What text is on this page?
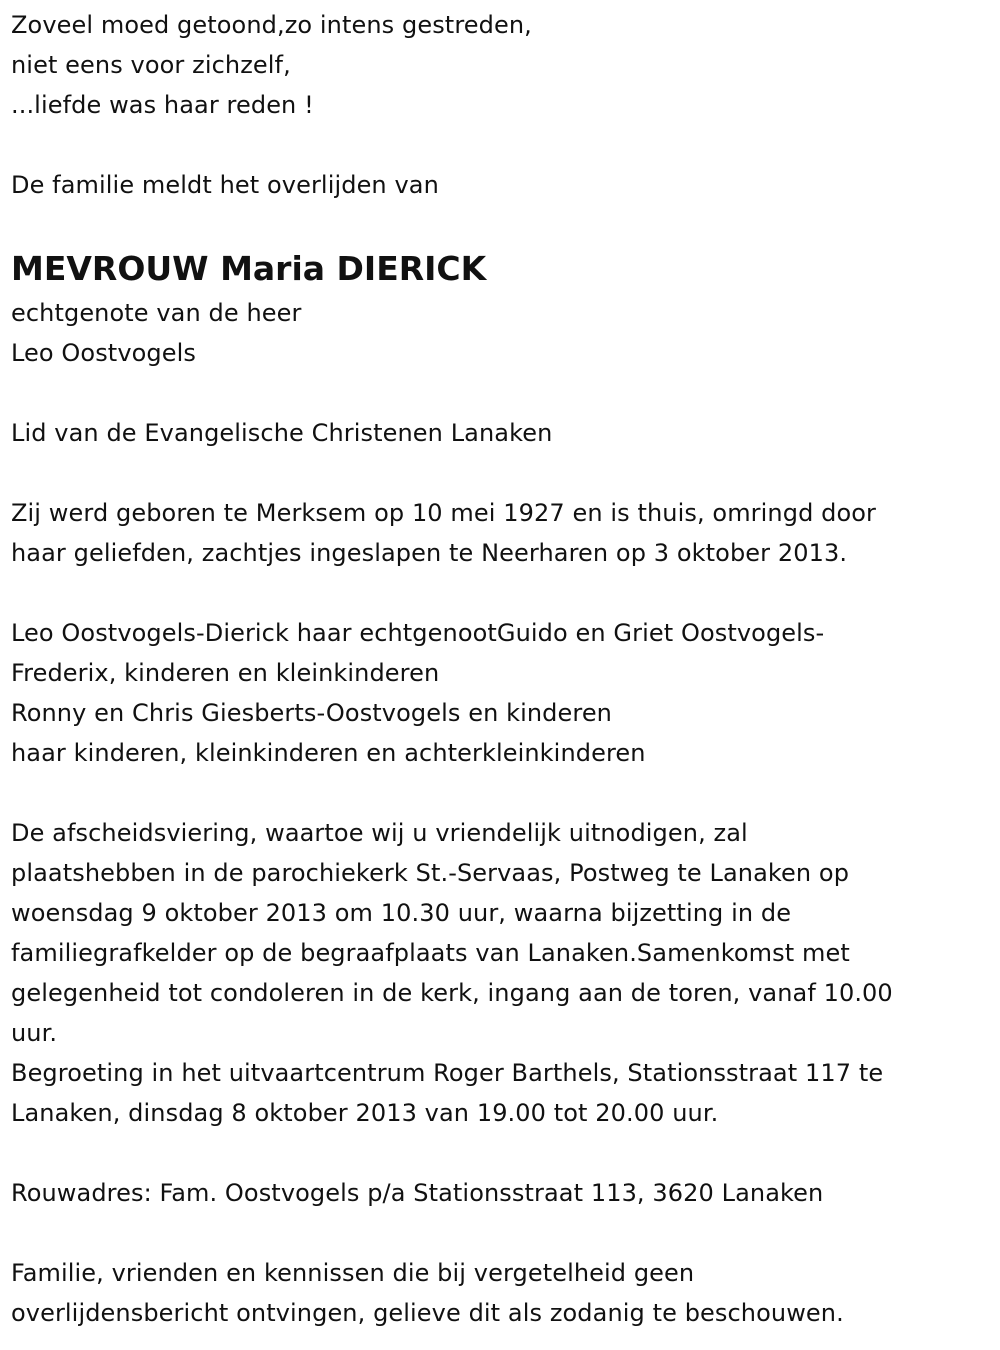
Zoveel moed getoond,zo intens gestreden,
niet eens voor zichzelf,
...liefde was haar reden !
De familie meldt het overlijden van
MEVROUW Maria DIERICK
echtgenote van de heer
Leo Oostvogels
Lid van de Evangelische Christenen Lanaken
Zij werd geboren te Merksem op 10 mei 1927 en is thuis, omringd door
haar geliefden, zachtjes ingeslapen te Neerharen op 3 oktober 2013.
Leo Oostvogels-Dierick haar echtgenootGuido en Griet Oostvogels-
Frederix, kinderen en kleinkinderen
Ronny en Chris Giesberts-Oostvogels en kinderen
haar kinderen, kleinkinderen en achterkleinkinderen
De afscheidsviering, waartoe wij u vriendelijk uitnodigen, zal
plaatshebben in de parochiekerk St.-Servaas, Postweg te Lanaken op
woensdag 9 oktober 2013 om 10.30 uur, waarna bijzetting in de
familiegrafkelder op de begraafplaats van Lanaken.Samenkomst met
gelegenheid tot condoleren in de kerk, ingang aan de toren, vanaf 10.00
uur.
Begroeting in het uitvaartcentrum Roger Barthels, Stationsstraat 117 te
Lanaken, dinsdag 8 oktober 2013 van 19.00 tot 20.00 uur.
Rouwadres: Fam. Oostvogels p/a Stationsstraat 113, 3620 Lanaken
Familie, vrienden en kennissen die bij vergetelheid geen
overlijdensbericht ontvingen, gelieve dit als zodanig te beschouwen.
